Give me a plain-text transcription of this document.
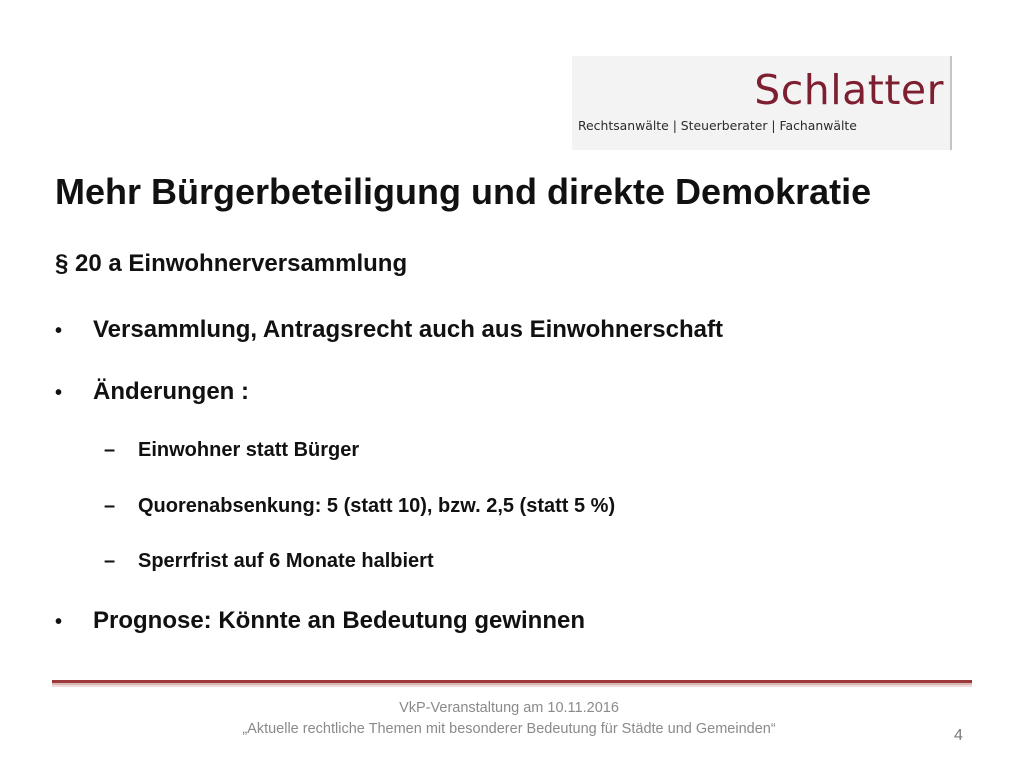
Schlatter
Rechtsanwälte | Steuerberater | Fachanwälte
Mehr Bürgerbeteiligung und direkte Demokratie
§ 20 a Einwohnerversammlung
• Versammlung, Antragsrecht auch aus Einwohnerschaft
• Änderungen :
– Einwohner statt Bürger
– Quorenabsenkung: 5 (statt 10), bzw. 2,5 (statt 5 %)
– Sperrfrist auf 6 Monate halbiert
• Prognose: Könnte an Bedeutung gewinnen
VkP-Veranstaltung am 10.11.2016
„Aktuelle rechtliche Themen mit besonderer Bedeutung für Städte und Gemeinden“	4
